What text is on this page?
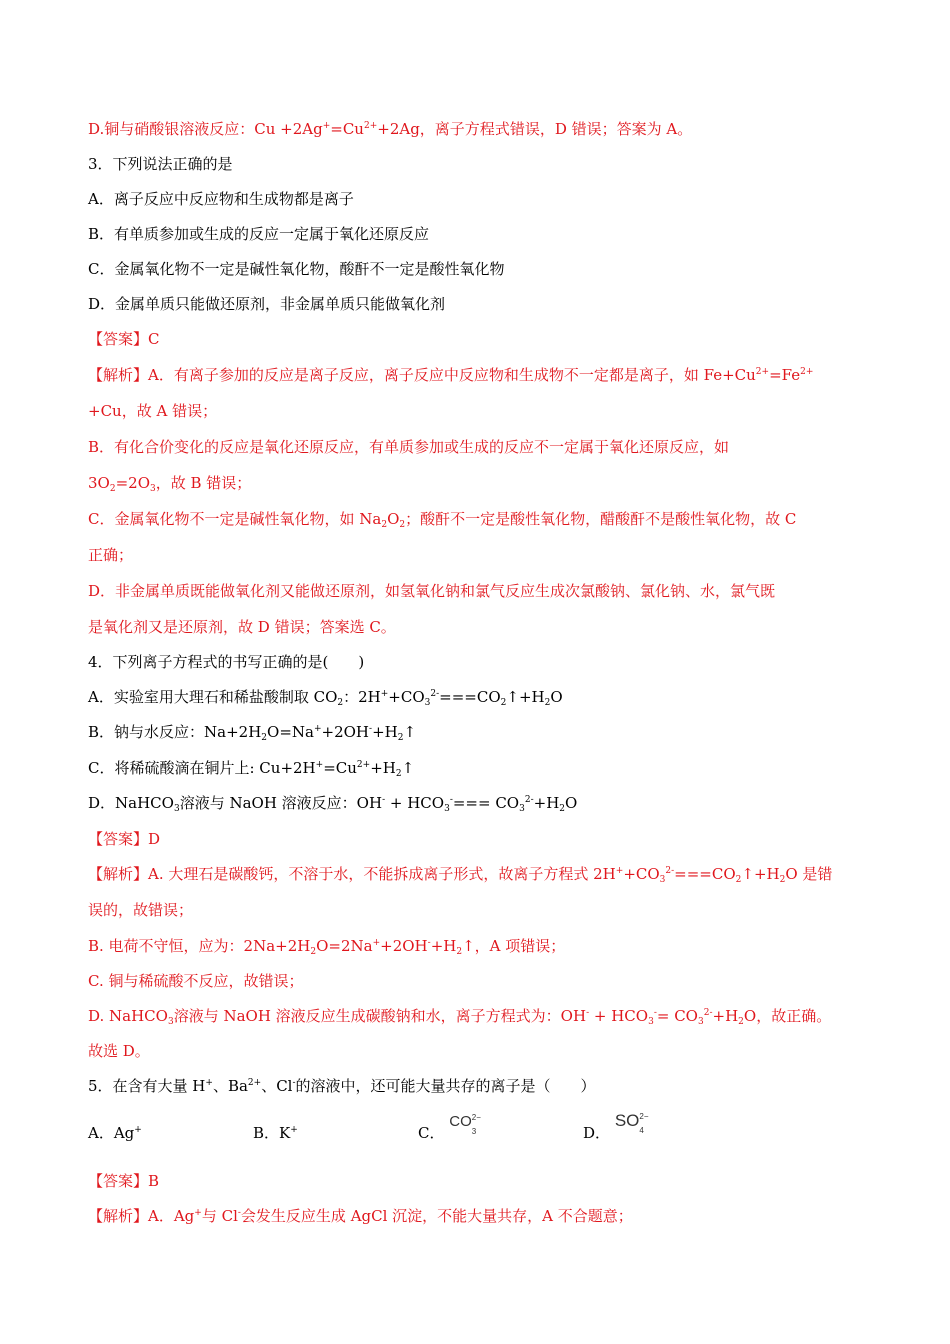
D.铜与硝酸银溶液反应：$Cu +2Ag^+=Cu^{2+}+2Ag$，离子方程式错误，D 错误；答案为 A。
3．下列说法正确的是
A．离子反应中反应物和生成物都是离子
B．有单质参加或生成的反应一定属于氧化还原反应
C．金属氧化物不一定是碱性氧化物，酸酐不一定是酸性氧化物
D．金属单质只能做还原剂，非金属单质只能做氧化剂
【答案】C
【解析】A．有离子参加的反应是离子反应，离子反应中反应物和生成物不一定都是离子，如 $Fe+Cu^{2+}=Fe^{2+}$
+Cu，故 A 错误；
B．有化合价变化的反应是氧化还原反应，有单质参加或生成的反应不一定属于氧化还原反应，如
$3O_2=2O_3$，故 B 错误；
C．金属氧化物不一定是碱性氧化物，如 $Na_2O_2$；酸酐不一定是酸性氧化物，醋酸酐不是酸性氧化物，故 C
正确；
D．非金属单质既能做氧化剂又能做还原剂，如氢氧化钠和氯气反应生成次氯酸钠、氯化钠、水，氯气既
是氧化剂又是还原剂，故 D 错误；答案选 C。
4．下列离子方程式的书写正确的是(　　)
A．实验室用大理石和稀盐酸制取 $CO_2$：$2H^++CO_3^{2-}===CO_2↑+H_2O$
B．钠与水反应：$Na+2H_2O=Na^++2OH^-+H_2↑$
C．将稀硫酸滴在铜片上: $Cu+2H^+=Cu^{2+}+H_2↑$
D．NaHCO$_3$溶液与 NaOH 溶液反应：$OH^- + HCO_3^-=== CO_3^{2-}+H_2O$
【答案】D
【解析】A. 大理石是碳酸钙，不溶于水，不能拆成离子形式，故离子方程式 $2H^++CO_3^{2-}===CO_2↑+H_2O$ 是错
误的，故错误；
B. 电荷不守恒，应为：$2Na+2H_2O=2Na^++2OH^-+H_2↑$，A 项错误；
C. 铜与稀硫酸不反应，故错误；
D. NaHCO$_3$溶液与 NaOH 溶液反应生成碳酸钠和水，离子方程式为：$OH^- + HCO_3^-= CO_3^{2-}+H_2O$，故正确。
故选 D。
5．在含有大量 H+、$Ba^{2+}$、Cl-的溶液中，还可能大量共存的离子是（　　）
A．Ag+	B．K+	C． CO 2−
3	D． SO 2−
4
【答案】B
【解析】A．Ag+与 Cl-会发生反应生成 AgCl 沉淀，不能大量共存，A 不合题意；
